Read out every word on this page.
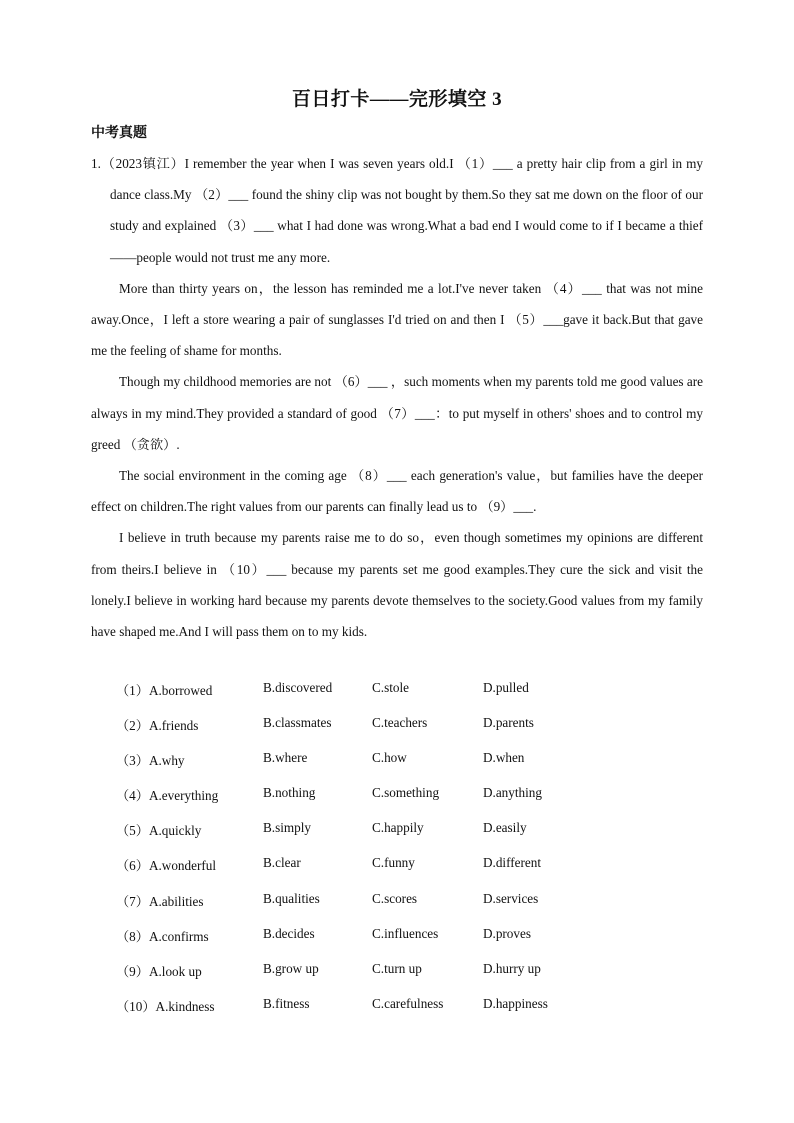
百日打卡——完形填空 3
中考真题

1.（2023镇江）I remember the year when I was seven years old.I （1）___ a pretty hair clip from a girl in my dance class.My （2）___ found the shiny clip was not bought by them.So they sat me down on the floor of our study and explained （3）___ what I had done was wrong.What a bad end I would come to if I became a thief——people would not trust me any more.

More than thirty years on，the lesson has reminded me a lot.I've never taken （4）___ that was not mine away.Once，I left a store wearing a pair of sunglasses I'd tried on and then I （5）___gave it back.But that gave me the feeling of shame for months.

Though my childhood memories are not （6）___ ，such moments when my parents told me good values are always in my mind.They provided a standard of good （7）___：to put myself in others' shoes and to control my greed （贪欲）.

The social environment in the coming age （8）___ each generation's value，but families have the deeper effect on children.The right values from our parents can finally lead us to （9）___.

I believe in truth because my parents raise me to do so，even though sometimes my opinions are different from theirs.I believe in （10）___ because my parents set me good examples.They cure the sick and visit the lonely.I believe in working hard because my parents devote themselves to the society.Good values from my family have shaped me.And I will pass them on to my kids.

（1）A.borrowed	B.discovered	C.stole	D.pulled
（2）A.friends	B.classmates	C.teachers	D.parents
（3）A.why	B.where	C.how	D.when
（4）A.everything	B.nothing	C.something	D.anything
（5）A.quickly	B.simply	C.happily	D.easily
（6）A.wonderful	B.clear	C.funny	D.different
（7）A.abilities	B.qualities	C.scores	D.services
（8）A.confirms	B.decides	C.influences	D.proves
（9）A.look up	B.grow up	C.turn up	D.hurry up
（10）A.kindness	B.fitness	C.carefulness	D.happiness
